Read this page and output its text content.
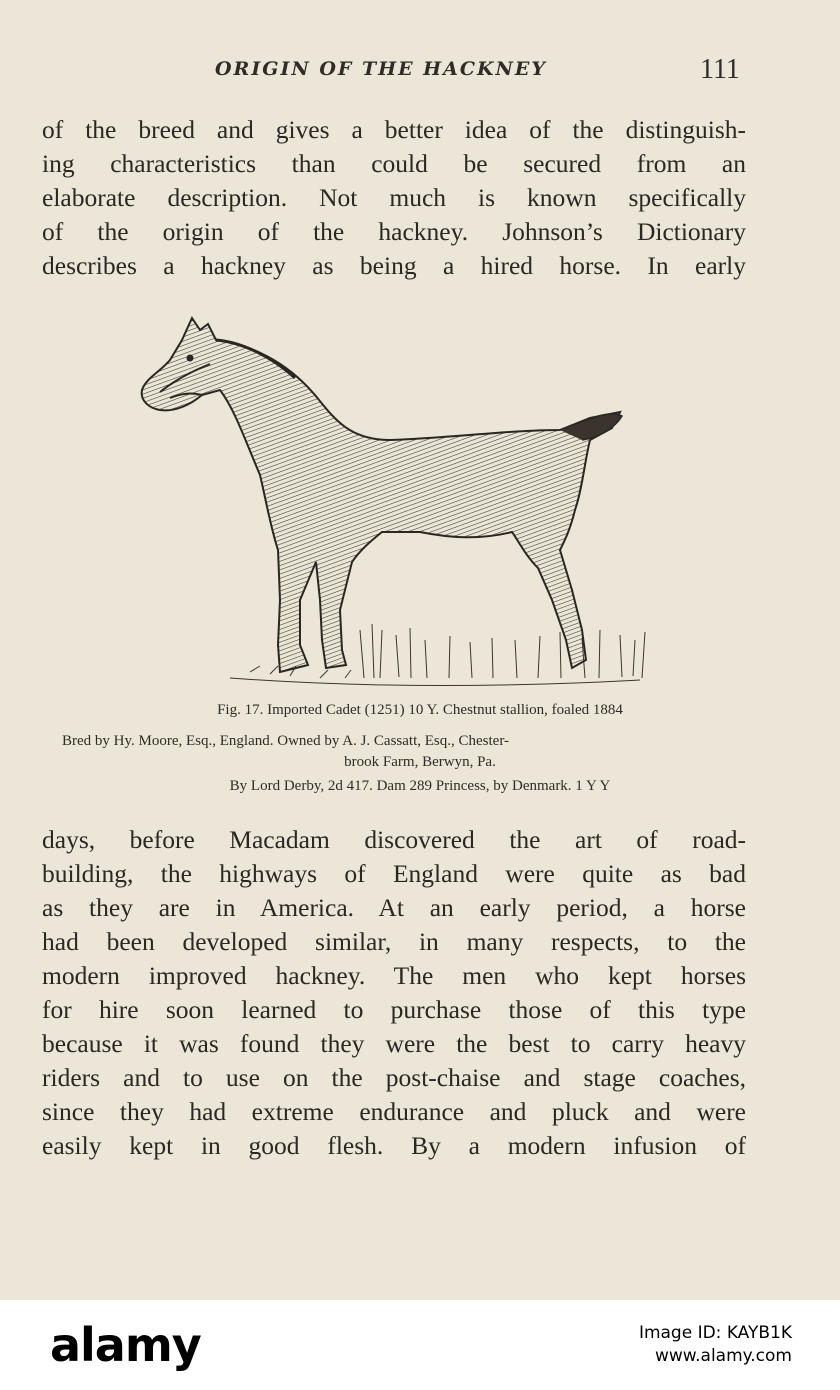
ORIGIN OF THE HACKNEY	111
of the breed and gives a better idea of the distinguish-
ing characteristics than could be secured from an
elaborate description. Not much is known specifically
of the origin of the hackney. Johnson’s Dictionary
describes a hackney as being a hired horse. In early
Fig. 17. Imported Cadet (1251) 10 Y. Chestnut stallion, foaled 1884
Bred by Hy. Moore, Esq., England. Owned by A. J. Cassatt, Esq., Chester-
brook Farm, Berwyn, Pa.
By Lord Derby, 2d 417. Dam 289 Princess, by Denmark. 1 Y Y
days, before Macadam discovered the art of road-
building, the highways of England were quite as bad
as they are in America. At an early period, a horse
had been developed similar, in many respects, to the
modern improved hackney. The men who kept horses
for hire soon learned to purchase those of this type
because it was found they were the best to carry heavy
riders and to use on the post-chaise and stage coaches,
since they had extreme endurance and pluck and were
easily kept in good flesh. By a modern infusion of
alamy	Image ID: KAYB1K
www.alamy.com
